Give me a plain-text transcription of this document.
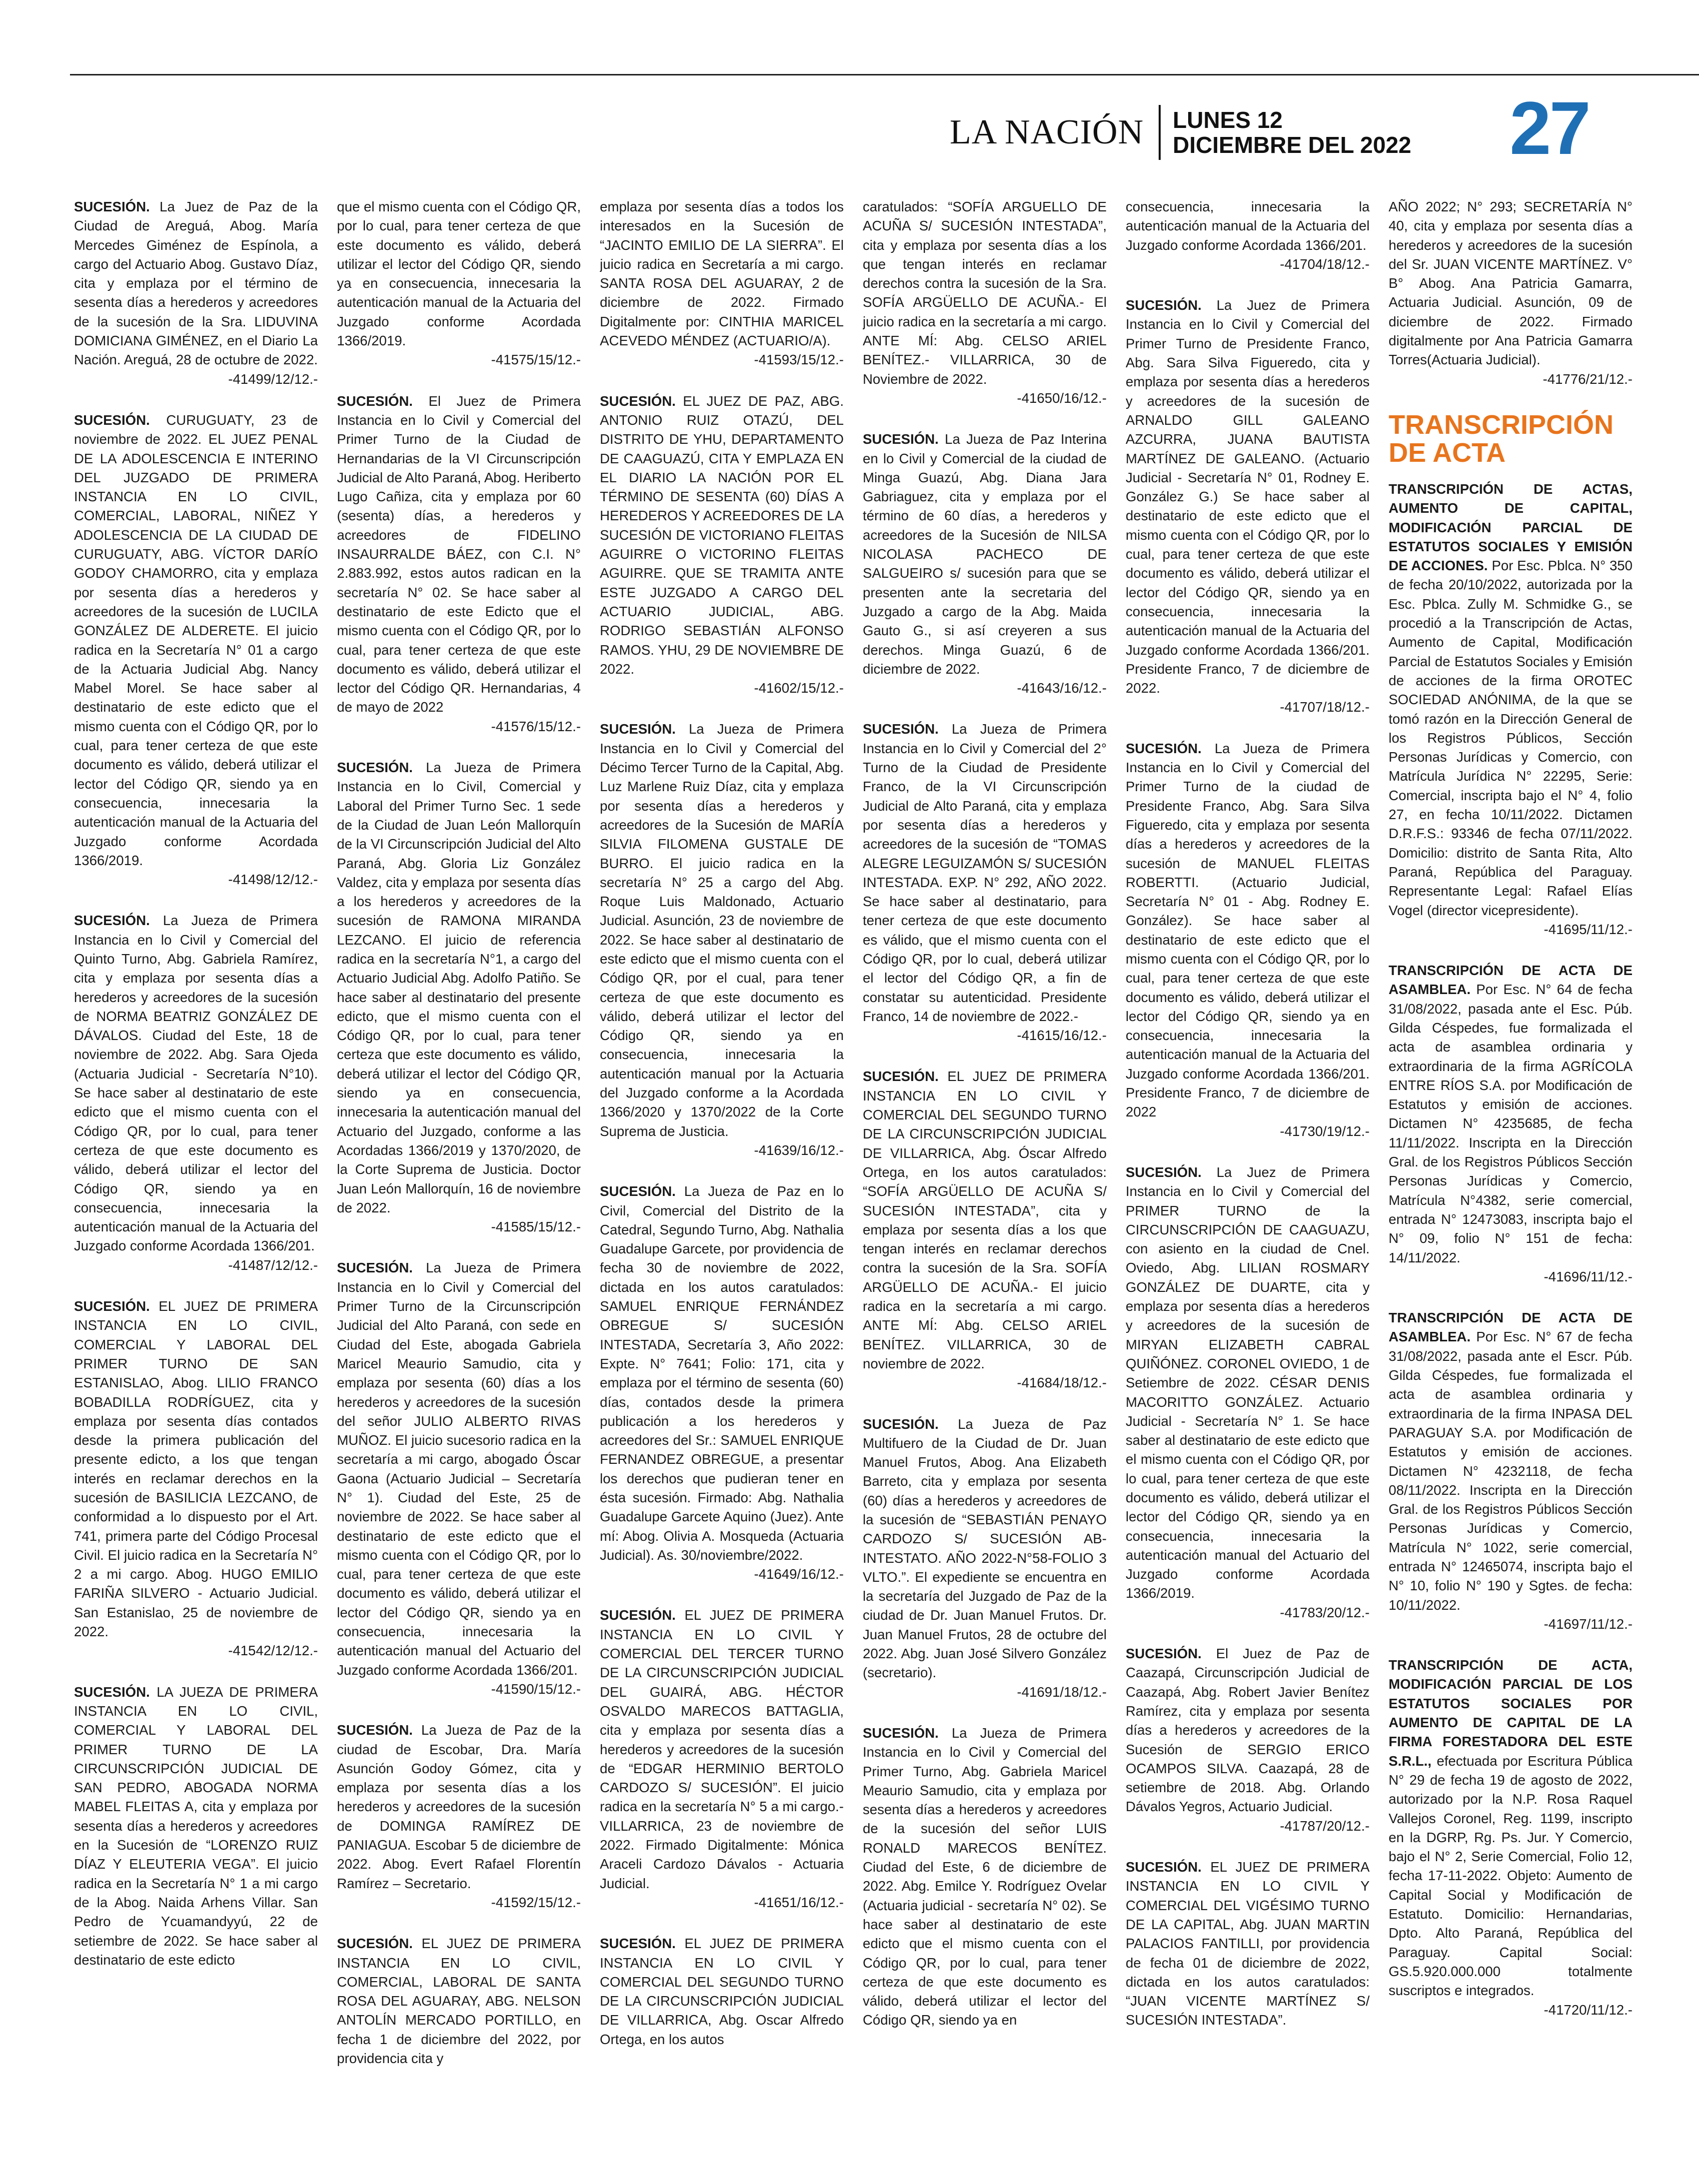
LA NACIÓN LUNES 12
DICIEMBRE DEL 2022 27
SUCESIÓN. La Juez de Paz de la Ciudad de Areguá, Abog. María Mercedes Giménez de Espínola, a cargo del Actuario Abog. Gustavo Díaz, cita y emplaza por el término de sesenta días a herederos y acreedores de la sucesión de la Sra. LIDUVINA DOMICIANA GIMÉNEZ, en el Diario La Nación. Areguá, 28 de octubre de 2022.
-41499/12/12.-
SUCESIÓN. CURUGUATY, 23 de noviembre de 2022. EL JUEZ PENAL DE LA ADOLESCENCIA E INTERINO DEL JUZGADO DE PRIMERA INSTANCIA EN LO CIVIL, COMERCIAL, LABORAL, NIÑEZ Y ADOLESCENCIA DE LA CIUDAD DE CURUGUATY, ABG. VÍCTOR DARÍO GODOY CHAMORRO, cita y emplaza por sesenta días a herederos y acreedores de la sucesión de LUCILA GONZÁLEZ DE ALDERETE. El juicio radica en la Secretaría N° 01 a cargo de la Actuaria Judicial Abg. Nancy Mabel Morel. Se hace saber al destinatario de este edicto que el mismo cuenta con el Código QR, por lo cual, para tener certeza de que este documento es válido, deberá utilizar el lector del Código QR, siendo ya en consecuencia, innecesaria la autenticación manual de la Actuaria del Juzgado conforme Acordada 1366/2019.
-41498/12/12.-
SUCESIÓN. La Jueza de Primera Instancia en lo Civil y Comercial del Quinto Turno, Abg. Gabriela Ramírez, cita y emplaza por sesenta días a herederos y acreedores de la sucesión de NORMA BEATRIZ GONZÁLEZ DE DÁVALOS. Ciudad del Este, 18 de noviembre de 2022. Abg. Sara Ojeda (Actuaria Judicial - Secretaría N°10). Se hace saber al destinatario de este edicto que el mismo cuenta con el Código QR, por lo cual, para tener certeza de que este documento es válido, deberá utilizar el lector del Código QR, siendo ya en consecuencia, innecesaria la autenticación manual de la Actuaria del Juzgado conforme Acordada 1366/201.
-41487/12/12.-
SUCESIÓN. EL JUEZ DE PRIMERA INSTANCIA EN LO CIVIL, COMERCIAL Y LABORAL DEL PRIMER TURNO DE SAN ESTANISLAO, Abog. LILIO FRANCO BOBADILLA RODRÍGUEZ, cita y emplaza por sesenta días contados desde la primera publicación del presente edicto, a los que tengan interés en reclamar derechos en la sucesión de BASILICIA LEZCANO, de conformidad a lo dispuesto por el Art. 741, primera parte del Código Procesal Civil. El juicio radica en la Secretaría N° 2 a mi cargo. Abog. HUGO EMILIO FARIÑA SILVERO - Actuario Judicial. San Estanislao, 25 de noviembre de 2022.
-41542/12/12.-
SUCESIÓN. LA JUEZA DE PRIMERA INSTANCIA EN LO CIVIL, COMERCIAL Y LABORAL DEL PRIMER TURNO DE LA CIRCUNSCRIPCIÓN JUDICIAL DE SAN PEDRO, ABOGADA NORMA MABEL FLEITAS A, cita y emplaza por sesenta días a herederos y acreedores en la Sucesión de “LORENZO RUIZ DÍAZ Y ELEUTERIA VEGA”. El juicio radica en la Secretaría N° 1 a mi cargo de la Abog. Naida Arhens Villar. San Pedro de Ycuamandyyú, 22 de setiembre de 2022. Se hace saber al destinatario de este edicto
que el mismo cuenta con el Código QR, por lo cual, para tener certeza de que este documento es válido, deberá utilizar el lector del Código QR, siendo ya en consecuencia, innecesaria la autenticación manual de la Actuaria del Juzgado conforme Acordada 1366/2019.
-41575/15/12.-
SUCESIÓN. El Juez de Primera Instancia en lo Civil y Comercial del Primer Turno de la Ciudad de Hernandarias de la VI Circunscripción Judicial de Alto Paraná, Abog. Heriberto Lugo Cañiza, cita y emplaza por 60 (sesenta) días, a herederos y acreedores de FIDELINO INSAURRALDE BÁEZ, con C.I. N° 2.883.992, estos autos radican en la secretaría N° 02. Se hace saber al destinatario de este Edicto que el mismo cuenta con el Código QR, por lo cual, para tener certeza de que este documento es válido, deberá utilizar el lector del Código QR. Hernandarias, 4 de mayo de 2022
-41576/15/12.-
SUCESIÓN. La Jueza de Primera Instancia en lo Civil, Comercial y Laboral del Primer Turno Sec. 1 sede de la Ciudad de Juan León Mallorquín de la VI Circunscripción Judicial del Alto Paraná, Abg. Gloria Liz González Valdez, cita y emplaza por sesenta días a los herederos y acreedores de la sucesión de RAMONA MIRANDA LEZCANO. El juicio de referencia radica en la secretaría N°1, a cargo del Actuario Judicial Abg. Adolfo Patiño. Se hace saber al destinatario del presente edicto, que el mismo cuenta con el Código QR, por lo cual, para tener certeza que este documento es válido, deberá utilizar el lector del Código QR, siendo ya en consecuencia, innecesaria la autenticación manual del Actuario del Juzgado, conforme a las Acordadas 1366/2019 y 1370/2020, de la Corte Suprema de Justicia. Doctor Juan León Mallorquín, 16 de noviembre de 2022.
-41585/15/12.-
SUCESIÓN. La Jueza de Primera Instancia en lo Civil y Comercial del Primer Turno de la Circunscripción Judicial del Alto Paraná, con sede en Ciudad del Este, abogada Gabriela Maricel Meaurio Samudio, cita y emplaza por sesenta (60) días a los herederos y acreedores de la sucesión del señor JULIO ALBERTO RIVAS MUÑOZ. El juicio sucesorio radica en la secretaría a mi cargo, abogado Óscar Gaona (Actuario Judicial – Secretaría N° 1). Ciudad del Este, 25 de noviembre de 2022. Se hace saber al destinatario de este edicto que el mismo cuenta con el Código QR, por lo cual, para tener certeza de que este documento es válido, deberá utilizar el lector del Código QR, siendo ya en consecuencia, innecesaria la autenticación manual del Actuario del Juzgado conforme Acordada 1366/201.
-41590/15/12.-
SUCESIÓN. La Jueza de Paz de la ciudad de Escobar, Dra. María Asunción Godoy Gómez, cita y emplaza por sesenta días a los herederos y acreedores de la sucesión de DOMINGA RAMÍREZ DE PANIAGUA. Escobar 5 de diciembre de 2022. Abog. Evert Rafael Florentín Ramírez – Secretario.
-41592/15/12.-
SUCESIÓN. EL JUEZ DE PRIMERA INSTANCIA EN LO CIVIL, COMERCIAL, LABORAL DE SANTA ROSA DEL AGUARAY, ABG. NELSON ANTOLÍN MERCADO PORTILLO, en fecha 1 de diciembre del 2022, por providencia cita y
emplaza por sesenta días a todos los interesados en la Sucesión de “JACINTO EMILIO DE LA SIERRA”. El juicio radica en Secretaría a mi cargo. SANTA ROSA DEL AGUARAY, 2 de diciembre de 2022. Firmado Digitalmente por: CINTHIA MARICEL ACEVEDO MÉNDEZ (ACTUARIO/A).
-41593/15/12.-
SUCESIÓN. EL JUEZ DE PAZ, ABG. ANTONIO RUIZ OTAZÚ, DEL DISTRITO DE YHU, DEPARTAMENTO DE CAAGUAZÚ, CITA Y EMPLAZA EN EL DIARIO LA NACIÓN POR EL TÉRMINO DE SESENTA (60) DÍAS A HEREDEROS Y ACREEDORES DE LA SUCESIÓN DE VICTORIANO FLEITAS AGUIRRE O VICTORINO FLEITAS AGUIRRE. QUE SE TRAMITA ANTE ESTE JUZGADO A CARGO DEL ACTUARIO JUDICIAL, ABG. RODRIGO SEBASTIÁN ALFONSO RAMOS. YHU, 29 DE NOVIEMBRE DE 2022.
-41602/15/12.-
SUCESIÓN. La Jueza de Primera Instancia en lo Civil y Comercial del Décimo Tercer Turno de la Capital, Abg. Luz Marlene Ruiz Díaz, cita y emplaza por sesenta días a herederos y acreedores de la Sucesión de MARÍA SILVIA FILOMENA GUSTALE DE BURRO. El juicio radica en la secretaría N° 25 a cargo del Abg. Roque Luis Maldonado, Actuario Judicial. Asunción, 23 de noviembre de 2022. Se hace saber al destinatario de este edicto que el mismo cuenta con el Código QR, por el cual, para tener certeza de que este documento es válido, deberá utilizar el lector del Código QR, siendo ya en consecuencia, innecesaria la autenticación manual por la Actuaria del Juzgado conforme a la Acordada 1366/2020 y 1370/2022 de la Corte Suprema de Justicia.
-41639/16/12.-
SUCESIÓN. La Jueza de Paz en lo Civil, Comercial del Distrito de la Catedral, Segundo Turno, Abg. Nathalia Guadalupe Garcete, por providencia de fecha 30 de noviembre de 2022, dictada en los autos caratulados: SAMUEL ENRIQUE FERNÁNDEZ OBREGUE S/ SUCESIÓN INTESTADA, Secretaría 3, Año 2022: Expte. N° 7641; Folio: 171, cita y emplaza por el término de sesenta (60) días, contados desde la primera publicación a los herederos y acreedores del Sr.: SAMUEL ENRIQUE FERNANDEZ OBREGUE, a presentar los derechos que pudieran tener en ésta sucesión. Firmado: Abg. Nathalia Guadalupe Garcete Aquino (Juez). Ante mí: Abog. Olivia A. Mosqueda (Actuaria Judicial). As. 30/noviembre/2022.
-41649/16/12.-
SUCESIÓN. EL JUEZ DE PRIMERA INSTANCIA EN LO CIVIL Y COMERCIAL DEL TERCER TURNO DE LA CIRCUNSCRIPCIÓN JUDICIAL DEL GUAIRÁ, ABG. HÉCTOR OSVALDO MARECOS BATTAGLIA, cita y emplaza por sesenta días a herederos y acreedores de la sucesión de “EDGAR HERMINIO BERTOLO CARDOZO S/ SUCESIÓN”. El juicio radica en la secretaría N° 5 a mi cargo.- VILLARRICA, 23 de noviembre de 2022. Firmado Digitalmente: Mónica Araceli Cardozo Dávalos - Actuaria Judicial.
-41651/16/12.-
SUCESIÓN. EL JUEZ DE PRIMERA INSTANCIA EN LO CIVIL Y COMERCIAL DEL SEGUNDO TURNO DE LA CIRCUNSCRIPCIÓN JUDICIAL DE VILLARRICA, Abg. Oscar Alfredo Ortega, en los autos
caratulados: “SOFÍA ARGUELLO DE ACUÑA S/ SUCESIÓN INTESTADA”, cita y emplaza por sesenta días a los que tengan interés en reclamar derechos contra la sucesión de la Sra. SOFÍA ARGÜELLO DE ACUÑA.- El juicio radica en la secretaría a mi cargo. ANTE MÍ: Abg. CELSO ARIEL BENÍTEZ.- VILLARRICA, 30 de Noviembre de 2022.
-41650/16/12.-
SUCESIÓN. La Jueza de Paz Interina en lo Civil y Comercial de la ciudad de Minga Guazú, Abg. Diana Jara Gabriaguez, cita y emplaza por el término de 60 días, a herederos y acreedores de la Sucesión de NILSA NICOLASA PACHECO DE SALGUEIRO s/ sucesión para que se presenten ante la secretaria del Juzgado a cargo de la Abg. Maida Gauto G., si así creyeren a sus derechos. Minga Guazú, 6 de diciembre de 2022.
-41643/16/12.-
SUCESIÓN. La Jueza de Primera Instancia en lo Civil y Comercial del 2° Turno de la Ciudad de Presidente Franco, de la VI Circunscripción Judicial de Alto Paraná, cita y emplaza por sesenta días a herederos y acreedores de la sucesión de “TOMAS ALEGRE LEGUIZAMÓN S/ SUCESIÓN INTESTADA. EXP. N° 292, AÑO 2022. Se hace saber al destinatario, para tener certeza de que este documento es válido, que el mismo cuenta con el Código QR, por lo cual, deberá utilizar el lector del Código QR, a fin de constatar su autenticidad. Presidente Franco, 14 de noviembre de 2022.-
-41615/16/12.-
SUCESIÓN. EL JUEZ DE PRIMERA INSTANCIA EN LO CIVIL Y COMERCIAL DEL SEGUNDO TURNO DE LA CIRCUNSCRIPCIÓN JUDICIAL DE VILLARRICA, Abg. Óscar Alfredo Ortega, en los autos caratulados: “SOFÍA ARGÜELLO DE ACUÑA S/ SUCESIÓN INTESTADA”, cita y emplaza por sesenta días a los que tengan interés en reclamar derechos contra la sucesión de la Sra. SOFÍA ARGÜELLO DE ACUÑA.- El juicio radica en la secretaría a mi cargo. ANTE MÍ: Abg. CELSO ARIEL BENÍTEZ. VILLARRICA, 30 de noviembre de 2022.
-41684/18/12.-
SUCESIÓN. La Jueza de Paz Multifuero de la Ciudad de Dr. Juan Manuel Frutos, Abog. Ana Elizabeth Barreto, cita y emplaza por sesenta (60) días a herederos y acreedores de la sucesión de “SEBASTIÁN PENAYO CARDOZO S/ SUCESIÓN AB-INTESTATO. AÑO 2022-N°58-FOLIO 3 VLTO.”. El expediente se encuentra en la secretaría del Juzgado de Paz de la ciudad de Dr. Juan Manuel Frutos. Dr. Juan Manuel Frutos, 28 de octubre del 2022. Abg. Juan José Silvero González (secretario).
-41691/18/12.-
SUCESIÓN. La Jueza de Primera Instancia en lo Civil y Comercial del Primer Turno, Abg. Gabriela Maricel Meaurio Samudio, cita y emplaza por sesenta días a herederos y acreedores de la sucesión del señor LUIS RONALD MARECOS BENÍTEZ. Ciudad del Este, 6 de diciembre de 2022. Abg. Emilce Y. Rodríguez Ovelar (Actuaria judicial - secretaría N° 02). Se hace saber al destinatario de este edicto que el mismo cuenta con el Código QR, por lo cual, para tener certeza de que este documento es válido, deberá utilizar el lector del Código QR, siendo ya en
consecuencia, innecesaria la autenticación manual de la Actuaria del Juzgado conforme Acordada 1366/201.
-41704/18/12.-
SUCESIÓN. La Juez de Primera Instancia en lo Civil y Comercial del Primer Turno de Presidente Franco, Abg. Sara Silva Figueredo, cita y emplaza por sesenta días a herederos y acreedores de la sucesión de ARNALDO GILL GALEANO AZCURRA, JUANA BAUTISTA MARTÍNEZ DE GALEANO. (Actuario Judicial - Secretaría N° 01, Rodney E. González G.) Se hace saber al destinatario de este edicto que el mismo cuenta con el Código QR, por lo cual, para tener certeza de que este documento es válido, deberá utilizar el lector del Código QR, siendo ya en consecuencia, innecesaria la autenticación manual de la Actuaria del Juzgado conforme Acordada 1366/201. Presidente Franco, 7 de diciembre de 2022.
-41707/18/12.-
SUCESIÓN. La Jueza de Primera Instancia en lo Civil y Comercial del Primer Turno de la ciudad de Presidente Franco, Abg. Sara Silva Figueredo, cita y emplaza por sesenta días a herederos y acreedores de la sucesión de MANUEL FLEITAS ROBERTTI. (Actuario Judicial, Secretaría N° 01 - Abg. Rodney E. González). Se hace saber al destinatario de este edicto que el mismo cuenta con el Código QR, por lo cual, para tener certeza de que este documento es válido, deberá utilizar el lector del Código QR, siendo ya en consecuencia, innecesaria la autenticación manual de la Actuaria del Juzgado conforme Acordada 1366/201. Presidente Franco, 7 de diciembre de 2022
-41730/19/12.-
SUCESIÓN. La Juez de Primera Instancia en lo Civil y Comercial del PRIMER TURNO de la CIRCUNSCRIPCIÓN DE CAAGUAZU, con asiento en la ciudad de Cnel. Oviedo, Abg. LILIAN ROSMARY GONZÁLEZ DE DUARTE, cita y emplaza por sesenta días a herederos y acreedores de la sucesión de MIRYAN ELIZABETH CABRAL QUIÑÓNEZ. CORONEL OVIEDO, 1 de Setiembre de 2022. CÉSAR DENIS MACORITTO GONZÁLEZ. Actuario Judicial - Secretaría N° 1. Se hace saber al destinatario de este edicto que el mismo cuenta con el Código QR, por lo cual, para tener certeza de que este documento es válido, deberá utilizar el lector del Código QR, siendo ya en consecuencia, innecesaria la autenticación manual del Actuario del Juzgado conforme Acordada 1366/2019.
-41783/20/12.-
SUCESIÓN. El Juez de Paz de Caazapá, Circunscripción Judicial de Caazapá, Abg. Robert Javier Benítez Ramírez, cita y emplaza por sesenta días a herederos y acreedores de la Sucesión de SERGIO ERICO OCAMPOS SILVA. Caazapá, 28 de setiembre de 2018. Abg. Orlando Dávalos Yegros, Actuario Judicial.
-41787/20/12.-
SUCESIÓN. EL JUEZ DE PRIMERA INSTANCIA EN LO CIVIL Y COMERCIAL DEL VIGÉSIMO TURNO DE LA CAPITAL, Abg. JUAN MARTIN PALACIOS FANTILLI, por providencia de fecha 01 de diciembre de 2022, dictada en los autos caratulados: “JUAN VICENTE MARTÍNEZ S/ SUCESIÓN INTESTADA”.
AÑO 2022; N° 293; SECRETARÍA N° 40, cita y emplaza por sesenta días a herederos y acreedores de la sucesión del Sr. JUAN VICENTE MARTÍNEZ. V° B° Abog. Ana Patricia Gamarra, Actuaria Judicial. Asunción, 09 de diciembre de 2022. Firmado digitalmente por Ana Patricia Gamarra Torres(Actuaria Judicial).
-41776/21/12.-
TRANSCRIPCIÓN DE ACTA
TRANSCRIPCIÓN DE ACTAS, AUMENTO DE CAPITAL, MODIFICACIÓN PARCIAL DE ESTATUTOS SOCIALES Y EMISIÓN DE ACCIONES. Por Esc. Pblca. N° 350 de fecha 20/10/2022, autorizada por la Esc. Pblca. Zully M. Schmidke G., se procedió a la Transcripción de Actas, Aumento de Capital, Modificación Parcial de Estatutos Sociales y Emisión de acciones de la firma OROTEC SOCIEDAD ANÓNIMA, de la que se tomó razón en la Dirección General de los Registros Públicos, Sección Personas Jurídicas y Comercio, con Matrícula Jurídica N° 22295, Serie: Comercial, inscripta bajo el N° 4, folio 27, en fecha 10/11/2022. Dictamen D.R.F.S.: 93346 de fecha 07/11/2022. Domicilio: distrito de Santa Rita, Alto Paraná, República del Paraguay. Representante Legal: Rafael Elías Vogel (director vicepresidente).
-41695/11/12.-
TRANSCRIPCIÓN DE ACTA DE ASAMBLEA. Por Esc. N° 64 de fecha 31/08/2022, pasada ante el Esc. Púb. Gilda Céspedes, fue formalizada el acta de asamblea ordinaria y extraordinaria de la firma AGRÍCOLA ENTRE RÍOS S.A. por Modificación de Estatutos y emisión de acciones. Dictamen N° 4235685, de fecha 11/11/2022. Inscripta en la Dirección Gral. de los Registros Públicos Sección Personas Jurídicas y Comercio, Matrícula N°4382, serie comercial, entrada N° 12473083, inscripta bajo el N° 09, folio N° 151 de fecha: 14/11/2022.
-41696/11/12.-
TRANSCRIPCIÓN DE ACTA DE ASAMBLEA. Por Esc. N° 67 de fecha 31/08/2022, pasada ante el Escr. Púb. Gilda Céspedes, fue formalizada el acta de asamblea ordinaria y extraordinaria de la firma INPASA DEL PARAGUAY S.A. por Modificación de Estatutos y emisión de acciones. Dictamen N° 4232118, de fecha 08/11/2022. Inscripta en la Dirección Gral. de los Registros Públicos Sección Personas Jurídicas y Comercio, Matrícula N° 1022, serie comercial, entrada N° 12465074, inscripta bajo el N° 10, folio N° 190 y Sgtes. de fecha: 10/11/2022.
-41697/11/12.-
TRANSCRIPCIÓN DE ACTA, MODIFICACIÓN PARCIAL DE LOS ESTATUTOS SOCIALES POR AUMENTO DE CAPITAL DE LA FIRMA FORESTADORA DEL ESTE S.R.L., efectuada por Escritura Pública N° 29 de fecha 19 de agosto de 2022, autorizado por la N.P. Rosa Raquel Vallejos Coronel, Reg. 1199, inscripto en la DGRP, Rg. Ps. Jur. Y Comercio, bajo el N° 2, Serie Comercial, Folio 12, fecha 17-11-2022. Objeto: Aumento de Capital Social y Modificación de Estatuto. Domicilio: Hernandarias, Dpto. Alto Paraná, República del Paraguay. Capital Social: GS.5.920.000.000 totalmente suscriptos e integrados.
-41720/11/12.-
